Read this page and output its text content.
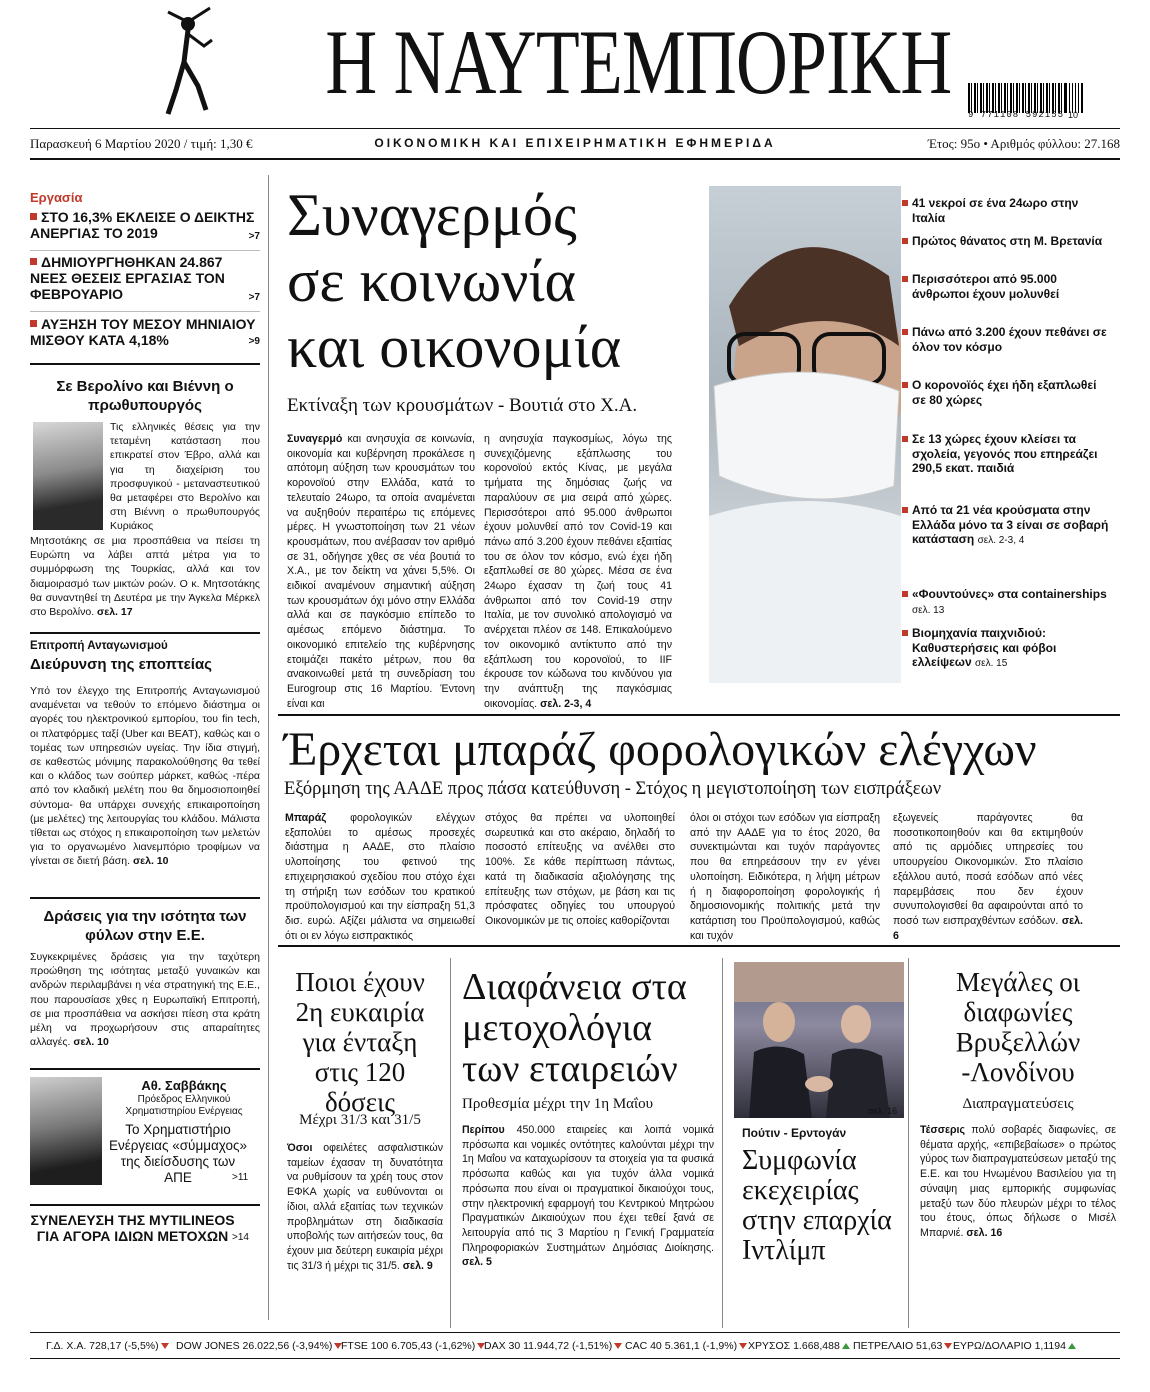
Η ΝΑΥΤΕΜΠΟΡΙΚΗ
9 771108 592155 10
Παρασκευή 6 Μαρτίου 2020 / τιμή: 1,30 €	ΟΙΚΟΝΟΜΙΚΗ ΚΑΙ ΕΠΙΧΕΙΡΗΜΑΤΙΚΗ ΕΦΗΜΕΡΙΔΑ	Έτος: 95ο • Αριθμός φύλλου: 27.168
Εργασία
ΣΤΟ 16,3% ΕΚΛΕΙΣΕ Ο ΔΕΙΚΤΗΣ ΑΝΕΡΓΙΑΣ ΤΟ 2019	>7
ΔΗΜΙΟΥΡΓΗΘΗΚΑΝ 24.867 ΝΕΕΣ ΘΕΣΕΙΣ ΕΡΓΑΣΙΑΣ ΤΟΝ ΦΕΒΡΟΥΑΡΙΟ	>7
ΑΥΞΗΣΗ ΤΟΥ ΜΕΣΟΥ ΜΗΝΙΑΙΟΥ ΜΙΣΘΟΥ ΚΑΤΑ 4,18%	>9
Σε Βερολίνο και Βιέννη ο πρωθυπουργός
Τις ελληνικές θέσεις για την τεταμένη κατάσταση που επικρατεί στον Έβρο, αλλά και για τη διαχείριση του προσφυγικού - μεταναστευτικού θα μεταφέρει στο Βερολίνο και στη Βιέννη ο πρωθυπουργός Κυριάκος
Μητσοτάκης σε μια προσπάθεια να πείσει τη Ευρώπη να λάβει απτά μέτρα για το συμμόρφωση της Τουρκίας, αλλά και τον διαμοιρασμό των μικτών ροών. Ο κ. Μητσοτάκης θα συναντηθεί τη Δευτέρα με την Άγκελα Μέρκελ στο Βερολίνο. σελ. 17
Επιτροπή Ανταγωνισμού
Διεύρυνση της εποπτείας
Υπό τον έλεγχο της Επιτροπής Ανταγωνισμού αναμένεται να τεθούν το επόμενο διάστημα οι αγορές του ηλεκτρονικού εμπορίου, του fin tech, οι πλατφόρμες ταξί (Uber και BEAT), καθώς και ο τομέας των υπηρεσιών υγείας. Την ίδια στιγμή, σε καθεστώς μόνιμης παρακολούθησης θα τεθεί και ο κλάδος των σούπερ μάρκετ, καθώς -πέρα από τον κλαδική μελέτη που θα δημοσιοποιηθεί σύντομα- θα υπάρχει συνεχής επικαιροποίηση (με μελέτες) της λειτουργίας του κλάδου. Μάλιστα τίθεται ως στόχος η επικαιροποίηση των μελετών για το οργανωμένο λιανεμπόριο τροφίμων να γίνεται σε διετή βάση. σελ. 10
Δράσεις για την ισότητα των φύλων στην Ε.Ε.
Συγκεκριμένες δράσεις για την ταχύτερη προώθηση της ισότητας μεταξύ γυναικών και ανδρών περιλαμβάνει η νέα στρατηγική της Ε.Ε., που παρουσίασε χθες η Ευρωπαϊκή Επιτροπή, σε μια προσπάθεια να ασκήσει πίεση στα κράτη μέλη να προχωρήσουν στις απαραίτητες αλλαγές. σελ. 10
Αθ. Σαββάκης
Πρόεδρος Ελληνικού Χρηματιστηρίου Ενέργειας
Το Χρηματιστήριο Ενέργειας «σύμμαχος» της διείσδυσης των ΑΠΕ	>11
ΣΥΝΕΛΕΥΣΗ ΤΗΣ MYTILINEOS ΓΙΑ ΑΓΟΡΑ ΙΔΙΩΝ ΜΕΤΟΧΩΝ >14
Συναγερμός
σε κοινωνία
και οικονομία
Εκτίναξη των κρουσμάτων - Βουτιά στο Χ.Α.
Συναγερμό και ανησυχία σε κοινωνία, οικονομία και κυβέρνηση προκάλεσε η απότομη αύξηση των κρουσμάτων του κορονοϊού στην Ελλάδα, κατά το τελευταίο 24ωρο, τα οποία αναμένεται να αυξηθούν περαιτέρω τις επόμενες μέρες. Η γνωστοποίηση των 21 νέων κρουσμάτων, που ανέβασαν τον αριθμό σε 31, οδήγησε χθες σε νέα βουτιά το Χ.Α., με τον δείκτη να χάνει 5,5%. Οι ειδικοί αναμένουν σημαντική αύξηση των κρουσμάτων όχι μόνο στην Ελλάδα αλλά και σε παγκόσμιο επίπεδο το αμέσως επόμενο διάστημα. Το οικονομικό επιτελείο της κυβέρνησης ετοιμάζει πακέτο μέτρων, που θα ανακοινωθεί μετά τη συνεδρίαση του Eurogroup στις 16 Μαρτίου. Έντονη είναι και
η ανησυχία παγκοσμίως, λόγω της συνεχιζόμενης εξάπλωσης του κορονοϊού εκτός Κίνας, με μεγάλα τμήματα της δημόσιας ζωής να παραλύουν σε μια σειρά από χώρες. Περισσότεροι από 95.000 άνθρωποι έχουν μολυνθεί από τον Covid-19 και πάνω από 3.200 έχουν πεθάνει εξαιτίας του σε όλον τον κόσμο, ενώ έχει ήδη εξαπλωθεί σε 80 χώρες. Μέσα σε ένα 24ωρο έχασαν τη ζωή τους 41 άνθρωποι από τον Covid-19 στην Ιταλία, με τον συνολικό απολογισμό να ανέρχεται πλέον σε 148. Επικαλούμενο τον οικονομικό αντίκτυπο από την εξάπλωση του κορονοϊού, το ΙΙF έκρουσε τον κώδωνα του κινδύνου για την ανάπτυξη της παγκόσμιας οικονομίας. σελ. 2-3, 4
41 νεκροί σε ένα 24ωρο στην Ιταλία
Πρώτος θάνατος στη Μ. Βρετανία
Περισσότεροι από 95.000 άνθρωποι έχουν μολυνθεί
Πάνω από 3.200 έχουν πεθάνει σε όλον τον κόσμο
Ο κορονοϊός έχει ήδη εξαπλωθεί σε 80 χώρες
Σε 13 χώρες έχουν κλείσει τα σχολεία, γεγονός που επηρεάζει 290,5 εκατ. παιδιά
Από τα 21 νέα κρούσματα στην Ελλάδα μόνο τα 3 είναι σε σοβαρή κατάσταση σελ. 2-3, 4
«Φουντούνες» στα containerships σελ. 13
Βιομηχανία παιχνιδιού: Καθυστερήσεις και φόβοι ελλείψεων σελ. 15
Έρχεται μπαράζ φορολογικών ελέγχων
Εξόρμηση της ΑΑΔΕ προς πάσα κατεύθυνση - Στόχος η μεγιστοποίηση των εισπράξεων
Μπαράζ φορολογικών ελέγχων εξαπολύει το αμέσως προσεχές διάστημα η ΑΑΔΕ, στο πλαίσιο υλοποίησης του φετινού της επιχειρησιακού σχεδίου που στόχο έχει τη στήριξη των εσόδων του κρατικού προϋπολογισμού και την είσπραξη 51,3 δισ. ευρώ. Αξίζει μάλιστα να σημειωθεί ότι οι εν λόγω εισπρακτικός
στόχος θα πρέπει να υλοποιηθεί σωρευτικά και στο ακέραιο, δηλαδή το ποσοστό επίτευξης να ανέλθει στο 100%. Σε κάθε περίπτωση πάντως, κατά τη διαδικασία αξιολόγησης της επίτευξης των στόχων, με βάση και τις πρόσφατες οδηγίες του υπουργού Οικονομικών με τις οποίες καθορίζονται
όλοι οι στόχοι των εσόδων για είσπραξη από την ΑΑΔΕ για το έτος 2020, θα συνεκτιμώνται και τυχόν παράγοντες που θα επηρεάσουν την εν γένει υλοποίηση. Ειδικότερα, η λήψη μέτρων ή η διαφοροποίηση φορολογικής ή δημοσιονομικής πολιτικής μετά την κατάρτιση του Προϋπολογισμού, καθώς και τυχόν
εξωγενείς παράγοντες θα ποσοτικοποιηθούν και θα εκτιμηθούν από τις αρμόδιες υπηρεσίες του υπουργείου Οικονομικών. Στο πλαίσιο εξάλλου αυτό, ποσά εσόδων από νέες παρεμβάσεις που δεν έχουν συνυπολογισθεί θα αφαιρούνται από το ποσό των εισπραχθέντων εσόδων. σελ. 6
Ποιοι έχουν 2η ευκαιρία για ένταξη στις 120 δόσεις
Μέχρι 31/3 και 31/5
Όσοι οφειλέτες ασφαλιστικών ταμείων έχασαν τη δυνατότητα να ρυθμίσουν τα χρέη τους στον ΕΦΚΑ χωρίς να ευθύνονται οι ίδιοι, αλλά εξαιτίας των τεχνικών προβλημάτων στη διαδικασία υποβολής των αιτήσεών τους, θα έχουν μια δεύτερη ευκαιρία μέχρι τις 31/3 ή μέχρι τις 31/5. σελ. 9
Διαφάνεια στα μετοχολόγια των εταιρειών
Προθεσμία μέχρι την 1η Μαΐου
Περίπου 450.000 εταιρείες και λοιπά νομικά πρόσωπα και νομικές οντότητες καλούνται μέχρι την 1η Μαΐου να καταχωρίσουν τα στοιχεία για τα φυσικά πρόσωπα καθώς και για τυχόν άλλα νομικά πρόσωπα που είναι οι πραγματικοί δικαιούχοι τους, στην ηλεκτρονική εφαρμογή του Κεντρικού Μητρώου Πραγματικών Δικαιούχων που έχει τεθεί ξανά σε λειτουργία από τις 3 Μαρτίου η Γενική Γραμματεία Πληροφοριακών Συστημάτων Δημόσιας Διοίκησης. σελ. 5
σελ. 16
Πούτιν - Ερντογάν
Συμφωνία εκεχειρίας στην επαρχία Ιντλίμπ
Μεγάλες οι διαφωνίες Βρυξελλών -Λονδίνου
Διαπραγματεύσεις
Τέσσερις πολύ σοβαρές διαφωνίες, σε θέματα αρχής, «επιβεβαίωσε» ο πρώτος γύρος των διαπραγματεύσεων μεταξύ της Ε.Ε. και του Ηνωμένου Βασιλείου για τη σύναψη μιας εμπορικής συμφωνίας μεταξύ των δύο πλευρών μέχρι το τέλος του έτους, όπως δήλωσε ο Μισέλ Μπαρνιέ. σελ. 16
Γ.Δ. Χ.Α. 728,17 (-5,5%)	DOW JONES 26.022,56 (-3,94%) FTSE 100 6.705,43 (-1,62%) DAX 30 11.944,72 (-1,51%)	CAC 40 5.361,1 (-1,9%)	ΧΡΥΣΟΣ 1.668,488	ΠΕΤΡΕΛΑΙΟ 51,63	ΕΥΡΩ/ΔΟΛΑΡΙΟ 1,1194
